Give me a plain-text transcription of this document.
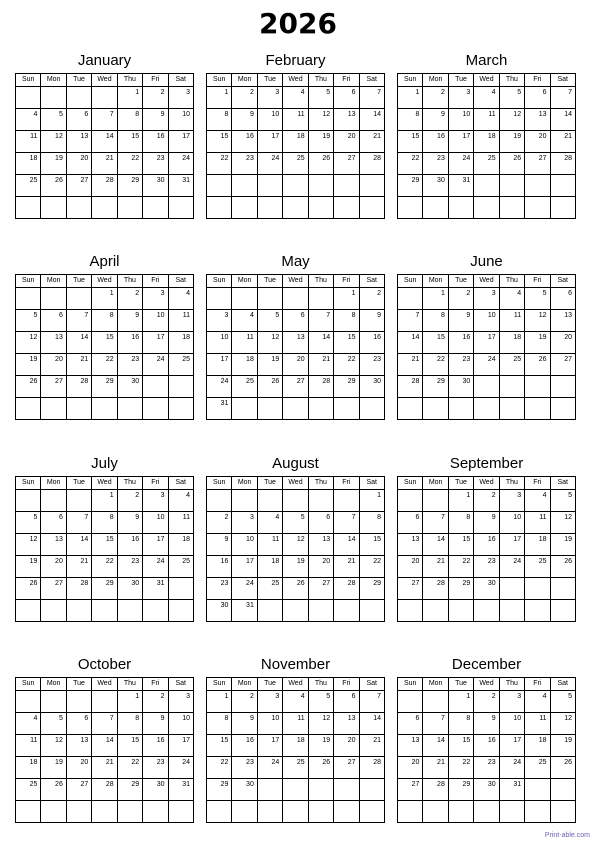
2026
January
Sun	Mon	Tue	Wed	Thu	Fri	Sat
				1	2	3
4	5	6	7	8	9	10
11	12	13	14	15	16	17
18	19	20	21	22	23	24
25	26	27	28	29	30	31

February
Sun	Mon	Tue	Wed	Thu	Fri	Sat
1	2	3	4	5	6	7
8	9	10	11	12	13	14
15	16	17	18	19	20	21
22	23	24	25	26	27	28

March
Sun	Mon	Tue	Wed	Thu	Fri	Sat
1	2	3	4	5	6	7
8	9	10	11	12	13	14
15	16	17	18	19	20	21
22	23	24	25	26	27	28
29	30	31				

April
Sun	Mon	Tue	Wed	Thu	Fri	Sat
			1	2	3	4
5	6	7	8	9	10	11
12	13	14	15	16	17	18
19	20	21	22	23	24	25
26	27	28	29	30		

May
Sun	Mon	Tue	Wed	Thu	Fri	Sat
					1	2
3	4	5	6	7	8	9
10	11	12	13	14	15	16
17	18	19	20	21	22	23
24	25	26	27	28	29	30
31						
June
Sun	Mon	Tue	Wed	Thu	Fri	Sat
	1	2	3	4	5	6
7	8	9	10	11	12	13
14	15	16	17	18	19	20
21	22	23	24	25	26	27
28	29	30				

July
Sun	Mon	Tue	Wed	Thu	Fri	Sat
			1	2	3	4
5	6	7	8	9	10	11
12	13	14	15	16	17	18
19	20	21	22	23	24	25
26	27	28	29	30	31	

August
Sun	Mon	Tue	Wed	Thu	Fri	Sat
						1
2	3	4	5	6	7	8
9	10	11	12	13	14	15
16	17	18	19	20	21	22
23	24	25	26	27	28	29
30	31					
September
Sun	Mon	Tue	Wed	Thu	Fri	Sat
		1	2	3	4	5
6	7	8	9	10	11	12
13	14	15	16	17	18	19
20	21	22	23	24	25	26
27	28	29	30			

October
Sun	Mon	Tue	Wed	Thu	Fri	Sat
				1	2	3
4	5	6	7	8	9	10
11	12	13	14	15	16	17
18	19	20	21	22	23	24
25	26	27	28	29	30	31

November
Sun	Mon	Tue	Wed	Thu	Fri	Sat
1	2	3	4	5	6	7
8	9	10	11	12	13	14
15	16	17	18	19	20	21
22	23	24	25	26	27	28
29	30					

December
Sun	Mon	Tue	Wed	Thu	Fri	Sat
		1	2	3	4	5
6	7	8	9	10	11	12
13	14	15	16	17	18	19
20	21	22	23	24	25	26
27	28	29	30	31		

Print-able.com
